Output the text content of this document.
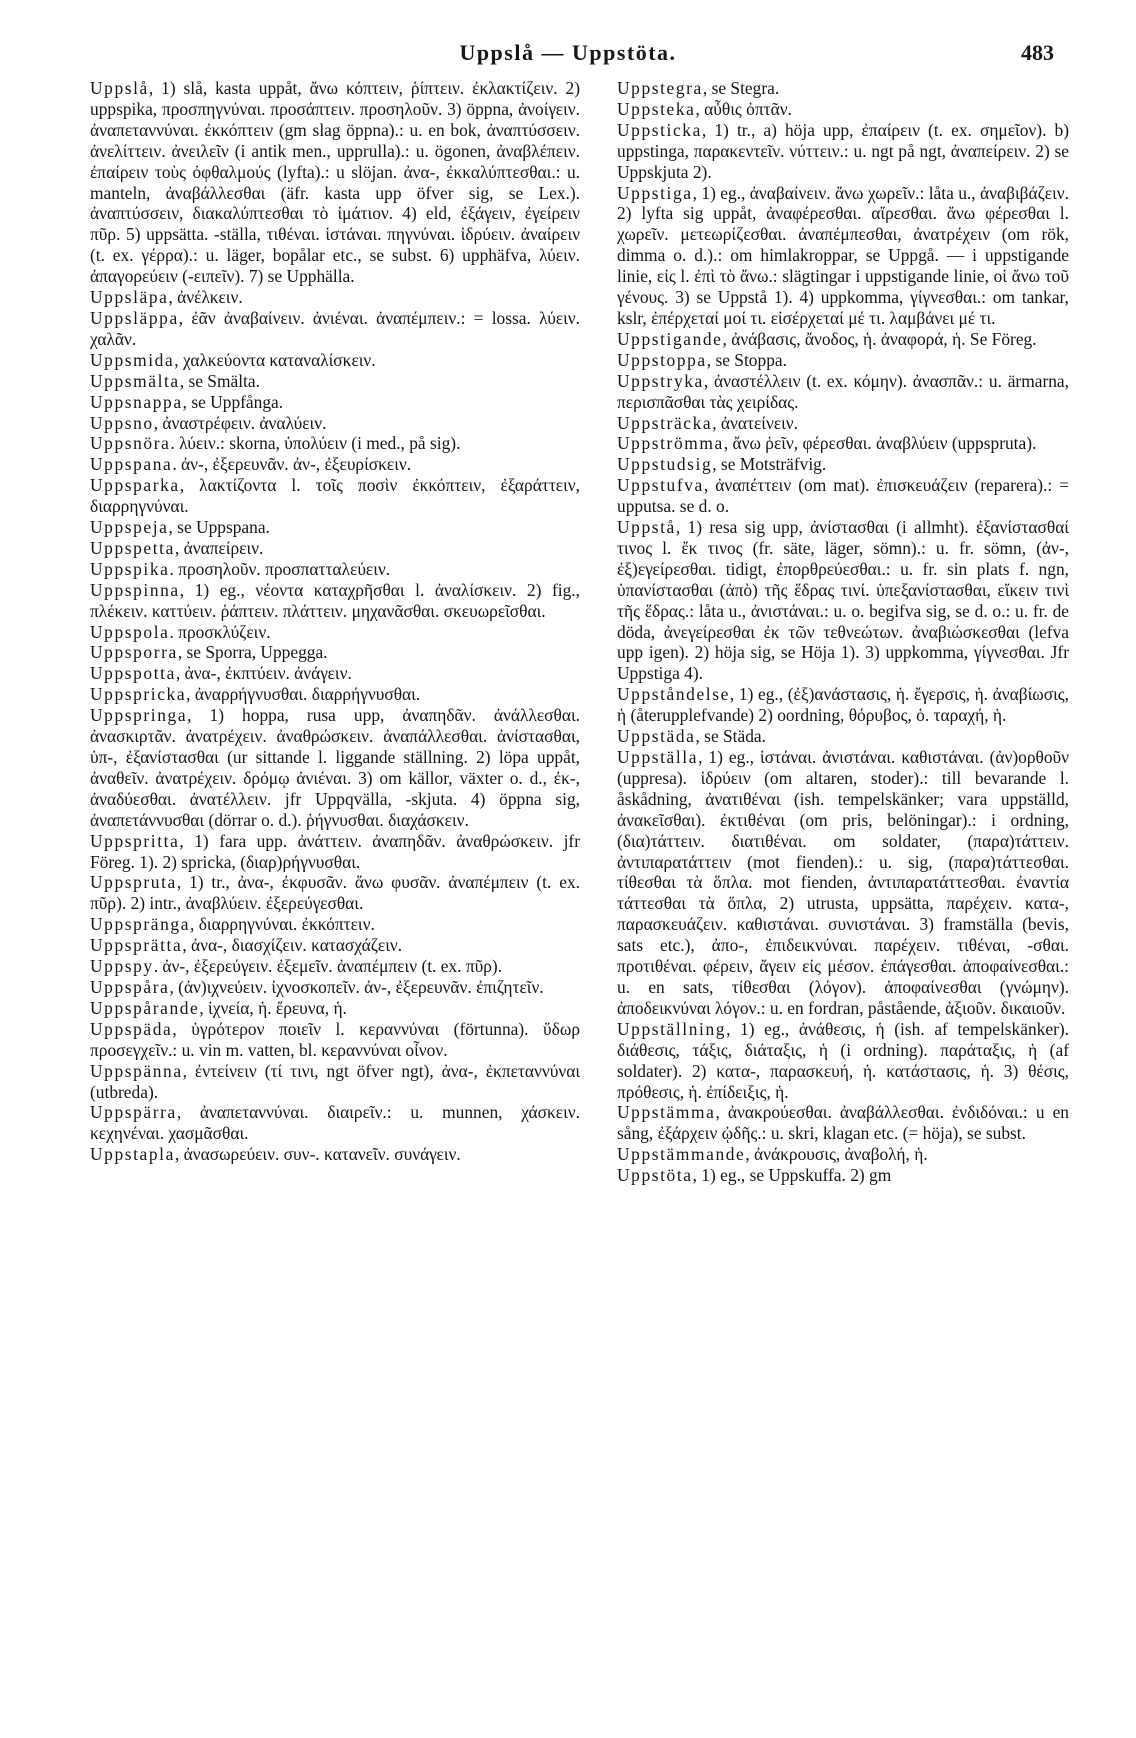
Uppslå — Uppstöta.	483

Uppslå, 1) slå, kasta uppåt, ἄνω κόπτειν, ῥίπτειν. ἐκλακτίζειν. 2) uppspika, προσπηγνύναι. προσάπτειν. προσηλοῦν. 3) öppna, ἀνοίγειν. ἀναπεταννύναι. ἐκκόπτειν (gm slag öppna).: u. en bok, ἀναπτύσσειν. ἀνελίττειν. ἀνειλεῖν (i antik men., upprulla).: u. ögonen, ἀναβλέπειν. ἐπαίρειν τοὺς ὀφθαλμούς (lyfta).: u slöjan. ἀνα-, ἐκκαλύπτεσθαι.: u. manteln, ἀναβάλλεσθαι (äfr. kasta upp öfver sig, se Lex.). ἀναπτύσσειν, διακαλύπτεσθαι τὸ ἱμάτιον. 4) eld, ἐξάγειν, ἐγείρειν πῦρ. 5) uppsätta. -ställa, τιθέναι. ἱστάναι. πηγνύναι. ἱδρύειν. ἀναίρειν (t. ex. γέρρα).: u. läger, bopålar etc., se subst. 6) upphäfva, λύειν. ἀπαγορεύειν (-ειπεῖν). 7) se Upphälla.

Uppsläpa, ἀνέλκειν.

Uppsläppa, ἐᾶν ἀναβαίνειν. ἀνιέναι. ἀναπέμπειν.: = lossa. λύειν. χαλᾶν.

Uppsmida, χαλκεύοντα καταναλίσκειν.

Uppsmälta, se Smälta.

Uppsnappa, se Uppfånga.

Uppsno, ἀναστρέφειν. ἀναλύειν.

Uppsnöra. λύειν.: skorna, ὑπολύειν (i med., på sig).

Uppspana. ἀν-, ἐξερευνᾶν. ἀν-, ἐξευρίσκειν.

Uppsparka, λακτίζοντα l. τοῖς ποσὶν ἐκκόπτειν, ἐξαράττειν, διαρρηγνύναι.

Uppspeja, se Uppspana.

Uppspetta, ἀναπείρειν.

Uppspika. προσηλοῦν. προσπατταλεύειν.

Uppspinna, 1) eg., νέοντα καταχρῆσθαι l. ἀναλίσκειν. 2) fig., πλέκειν. καττύειν. ῥάπτειν. πλάττειν. μηχανᾶσθαι. σκευωρεῖσθαι.

Uppspola. προσκλύζειν.

Uppsporra, se Sporra, Uppegga.

Uppspotta, ἀνα-, ἐκπτύειν. ἀνάγειν.

Uppspricka, ἀναρρήγνυσθαι. διαρρήγνυσθαι.

Uppspringa, 1) hoppa, rusa upp, ἀναπηδᾶν. ἀνάλλεσθαι. ἀνασκιρτᾶν. ἀνατρέχειν. ἀναθρώσκειν. ἀναπάλλεσθαι. ἀνίστασθαι, ὑπ-, ἐξανίστασθαι (ur sittande l. liggande ställning. 2) löpa uppåt, ἀναθεῖν. ἀνατρέχειν. δρόμῳ ἀνιέναι. 3) om källor, växter o. d., ἐκ-, ἀναδύεσθαι. ἀνατέλλειν. jfr Uppqvälla, -skjuta. 4) öppna sig, ἀναπετάννυσθαι (dörrar o. d.). ῥήγνυσθαι. διαχάσκειν.

Uppspritta, 1) fara upp. ἀνάττειν. ἀναπηδᾶν. ἀναθρώσκειν. jfr Föreg. 1). 2) spricka, (διαρ)ρήγνυσθαι.

Uppspruta, 1) tr., ἀνα-, ἐκφυσᾶν. ἄνω φυσᾶν. ἀναπέμπειν (t. ex. πῦρ). 2) intr., ἀναβλύειν. ἐξερεύγεσθαι.

Uppspränga, διαρρηγνύναι. ἐκκόπτειν.

Uppsprätta, ἀνα-, διασχίζειν. κατασχάζειν.

Uppspy. ἀν-, ἐξερεύγειν. ἐξεμεῖν. ἀναπέμπειν (t. ex. πῦρ).

Uppspåra, (ἀν)ιχνεύειν. ἰχνοσκοπεῖν. ἀν-, ἐξερευνᾶν. ἐπιζητεῖν.

Uppspårande, ἰχνεία, ἡ. ἔρευνα, ἡ.

Uppspäda, ὑγρότερον ποιεῖν l. κεραννύναι (förtunna). ὕδωρ προσεγχεῖν.: u. vin m. vatten, bl. κεραννύναι οἶνον.

Uppspänna, ἐντείνειν (τί τινι, ngt öfver ngt), ἀνα-, ἐκπεταννύναι (utbreda).

Uppspärra, ἀναπεταννύναι. διαιρεῖν.: u. munnen, χάσκειν. κεχηνέναι. χασμᾶσθαι.

Uppstapla, ἀνασωρεύειν. συν-. κατανεῖν. συνάγειν.

Uppstegra, se Stegra.

Uppsteka, αὖθις ὀπτᾶν.

Uppsticka, 1) tr., a) höja upp, ἐπαίρειν (t. ex. σημεῖον). b) uppstinga, παρακεντεῖν. νύττειν.: u. ngt på ngt, ἀναπείρειν. 2) se Uppskjuta 2).

Uppstiga, 1) eg., ἀναβαίνειν. ἄνω χωρεῖν.: låta u., ἀναβιβάζειν. 2) lyfta sig uppåt, ἀναφέρεσθαι. αἴρεσθαι. ἄνω φέρεσθαι l. χωρεῖν. μετεωρίζεσθαι. ἀναπέμπεσθαι, ἀνατρέχειν (om rök, dimma o. d.).: om himlakroppar, se Uppgå. — i uppstigande linie, εἰς l. ἐπὶ τὸ ἄνω.: slägtingar i uppstigande linie, οἱ ἄνω τοῦ γένους. 3) se Uppstå 1). 4) uppkomma, γίγνεσθαι.: om tankar, kslr, ἐπέρχεταί μοί τι. εἰσέρχεταί μέ τι. λαμβάνει μέ τι.

Uppstigande, ἀνάβασις, ἄνοδος, ἡ. ἀναφορά, ἡ. Se Föreg.

Uppstoppa, se Stoppa.

Uppstryka, ἀναστέλλειν (t. ex. κόμην). ἀνασπᾶν.: u. ärmarna, περισπᾶσθαι τὰς χειρίδας.

Uppsträcka, ἀνατείνειν.

Uppströmma, ἄνω ῥεῖν, φέρεσθαι. ἀναβλύειν (uppspruta).

Uppstudsig, se Motsträfvig.

Uppstufva, ἀναπέττειν (om mat). ἐπισκευάζειν (reparera).: = upputsa. se d. o.

Uppstå, 1) resa sig upp, ἀνίστασθαι (i allmht). ἐξανίστασθαί τινος l. ἔκ τινος (fr. säte, läger, sömn).: u. fr. sömn, (ἀν-, ἐξ)εγείρεσθαι. tidigt, ἐπορθρεύεσθαι.: u. fr. sin plats f. ngn, ὑπανίστασθαι (ἀπὸ) τῆς ἕδρας τινί. ὑπεξανίστασθαι, εἴκειν τινὶ τῆς ἕδρας.: låta u., ἀνιστάναι.: u. o. begifva sig, se d. o.: u. fr. de döda, ἀνεγείρεσθαι ἐκ τῶν τεθνεώτων. ἀναβιώσκεσθαι (lefva upp igen). 2) höja sig, se Höja 1). 3) uppkomma, γίγνεσθαι. Jfr Uppstiga 4).

Uppståndelse, 1) eg., (ἐξ)ανάστασις, ἡ. ἔγερσις, ἡ. ἀναβίωσις, ἡ (återupplefvande) 2) oordning, θόρυβος, ὁ. ταραχή, ἡ.

Uppstäda, se Städa.

Uppställa, 1) eg., ἱστάναι. ἀνιστάναι. καθιστάναι. (ἀν)ορθοῦν (uppresa). ἱδρύειν (om altaren, stoder).: till bevarande l. åskådning, ἀνατιθέναι (ish. tempelskänker; vara uppställd, ἀνακεῖσθαι). ἐκτιθέναι (om pris, belöningar).: i ordning, (δια)τάττειν. διατιθέναι. om soldater, (παρα)τάττειν. ἀντιπαρατάττειν (mot fienden).: u. sig, (παρα)τάττεσθαι. τίθεσθαι τὰ ὅπλα. mot fienden, ἀντιπαρατάττεσθαι. ἐναντία τάττεσθαι τὰ ὅπλα, 2) utrusta, uppsätta, παρέχειν. κατα-, παρασκευάζειν. καθιστάναι. συνιστάναι. 3) framställa (bevis, sats etc.), ἀπο-, ἐπιδεικνύναι. παρέχειν. τιθέναι, -σθαι. προτιθέναι. φέρειν, ἄγειν εἰς μέσον. ἐπάγεσθαι. ἀποφαίνεσθαι.: u. en sats, τίθεσθαι (λόγον). ἀποφαίνεσθαι (γνώμην). ἀποδεικνύναι λόγον.: u. en fordran, påstående, ἀξιοῦν. δικαιοῦν.

Uppställning, 1) eg., ἀνάθεσις, ἡ (ish. af tempelskänker). διάθεσις, τάξις, διάταξις, ἡ (i ordning). παράταξις, ἡ (af soldater). 2) κατα-, παρασκευή, ἡ. κατάστασις, ἡ. 3) θέσις, πρόθεσις, ἡ. ἐπίδειξις, ἡ.

Uppstämma, ἀνακρούεσθαι. ἀναβάλλεσθαι. ἐνδιδόναι.: u en sång, ἐξάρχειν ᾠδῆς.: u. skri, klagan etc. (= höja), se subst.

Uppstämmande, ἀνάκρουσις, ἀναβολή, ἡ.

Uppstöta, 1) eg., se Uppskuffa. 2) gm
